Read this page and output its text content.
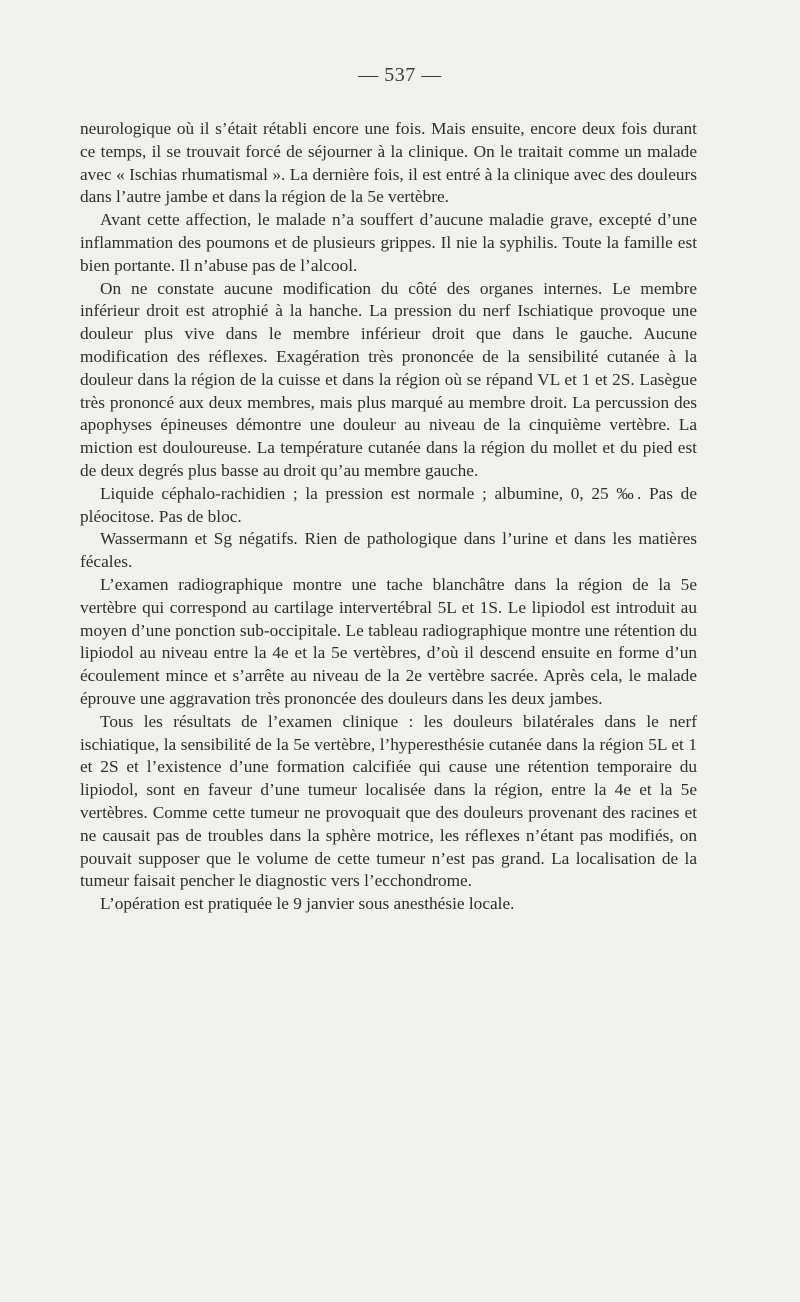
— 537 —

neurologique où il s’était rétabli encore une fois. Mais ensuite, encore deux fois durant ce temps, il se trouvait forcé de séjourner à la clinique. On le traitait comme un malade avec « Ischias rhumatismal ». La dernière fois, il est entré à la clinique avec des douleurs dans l’autre jambe et dans la région de la 5e vertèbre.

Avant cette affection, le malade n’a souffert d’aucune maladie grave, excepté d’une inflammation des poumons et de plusieurs grippes. Il nie la syphilis. Toute la famille est bien portante. Il n’abuse pas de l’alcool.

On ne constate aucune modification du côté des organes internes. Le membre inférieur droit est atrophié à la hanche. La pression du nerf Ischiatique provoque une douleur plus vive dans le membre inférieur droit que dans le gauche. Aucune modification des réflexes. Exagération très prononcée de la sensibilité cutanée à la douleur dans la région de la cuisse et dans la région où se répand VL et 1 et 2S. Lasègue très prononcé aux deux membres, mais plus marqué au membre droit. La percussion des apophyses épineuses démontre une douleur au niveau de la cinquième vertèbre. La miction est douloureuse. La température cutanée dans la région du mollet et du pied est de deux degrés plus basse au droit qu’au membre gauche.

Liquide céphalo-rachidien ; la pression est normale ; albumine, 0, 25 ‰. Pas de pléocitose. Pas de bloc.

Wassermann et Sg négatifs. Rien de pathologique dans l’urine et dans les matières fécales.

L’examen radiographique montre une tache blanchâtre dans la région de la 5e vertèbre qui correspond au cartilage intervertébral 5L et 1S. Le lipiodol est introduit au moyen d’une ponction sub-occipitale. Le tableau radiographique montre une rétention du lipiodol au niveau entre la 4e et la 5e vertèbres, d’où il descend ensuite en forme d’un écoulement mince et s’arrête au niveau de la 2e vertèbre sacrée. Après cela, le malade éprouve une aggravation très prononcée des douleurs dans les deux jambes.

Tous les résultats de l’examen clinique : les douleurs bilatérales dans le nerf ischiatique, la sensibilité de la 5e vertèbre, l’hyperesthésie cutanée dans la région 5L et 1 et 2S et l’existence d’une formation calcifiée qui cause une rétention temporaire du lipiodol, sont en faveur d’une tumeur localisée dans la région, entre la 4e et la 5e vertèbres. Comme cette tumeur ne provoquait que des douleurs provenant des racines et ne causait pas de troubles dans la sphère motrice, les réflexes n’étant pas modifiés, on pouvait supposer que le volume de cette tumeur n’est pas grand. La localisation de la tumeur faisait pencher le diagnostic vers l’ecchondrome.

L’opération est pratiquée le 9 janvier sous anesthésie locale.
